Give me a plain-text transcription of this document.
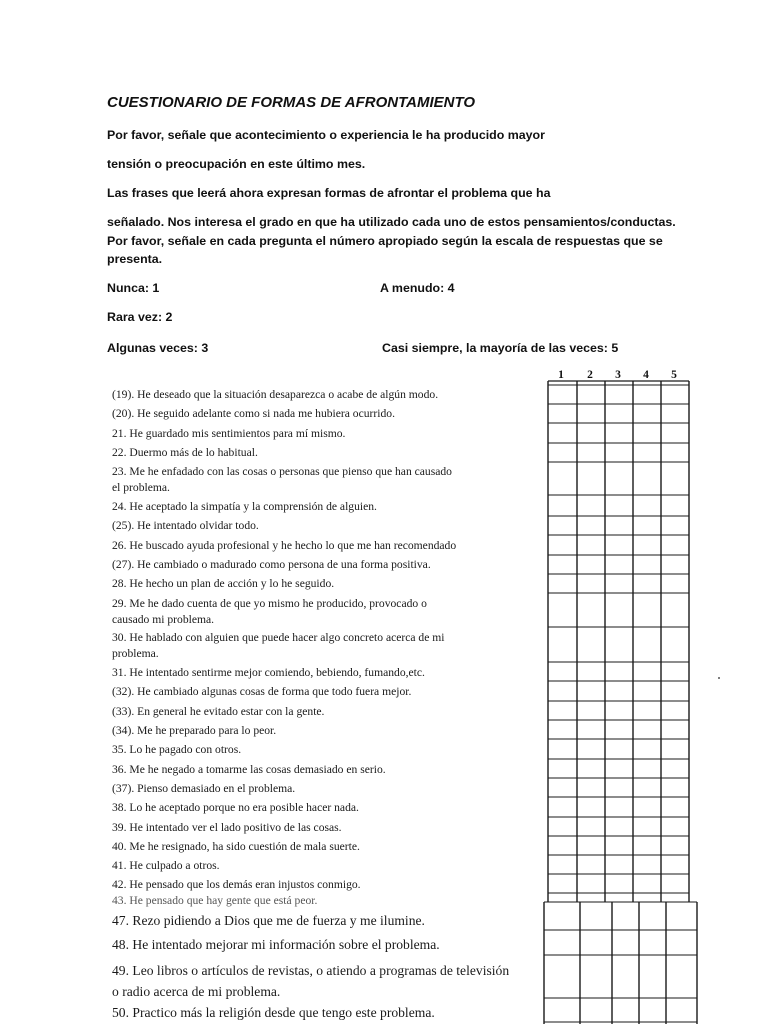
CUESTIONARIO DE FORMAS DE AFRONTAMIENTO
Por favor, señale que acontecimiento o experiencia le ha producido mayor
tensión o preocupación en este último mes.
Las frases que leerá ahora expresan formas de afrontar el problema que ha
señalado. Nos interesa el grado en que ha utilizado cada uno de estos pensamientos/conductas.
Por favor, señale en cada pregunta el número apropiado según la escala de respuestas que se
presenta.
Nunca: 1	A menudo: 4
Rara vez: 2
Algunas veces: 3	Casi siempre, la mayoría de las veces: 5
1	2	3	4	5
(19). He deseado que la situación desaparezca o acabe de algún modo.
(20). He seguido adelante como si nada me hubiera ocurrido.
21. He guardado mis sentimientos para mí mismo.
22. Duermo más de lo habitual.
23. Me he enfadado con las cosas o personas que pienso que han causado
el problema.
24. He aceptado la simpatía y la comprensión de alguien.
(25). He intentado olvidar todo.
26. He buscado ayuda profesional y he hecho lo que me han recomendado
(27). He cambiado o madurado como persona de una forma positiva.
28. He hecho un plan de acción y lo he seguido.
29. Me he dado cuenta de que yo mismo he producido, provocado o
causado mi problema.
30. He hablado con alguien que puede hacer algo concreto acerca de mi
problema.
31. He intentado sentirme mejor comiendo, bebiendo, fumando,etc.
(32). He cambiado algunas cosas de forma que todo fuera mejor.
(33). En general he evitado estar con la gente.
(34). Me he preparado para lo peor.
35. Lo he pagado con otros.
36. Me he negado a tomarme las cosas demasiado en serio.
(37). Pienso demasiado en el problema.
38. Lo he aceptado porque no era posible hacer nada.
39. He intentado ver el lado positivo de las cosas.
40. Me he resignado, ha sido cuestión de mala suerte.
41. He culpado a otros.
42. He pensado que los demás eran injustos conmigo.
43. He pensado que hay gente que está peor.
47. Rezo pidiendo a Dios que me de fuerza y me ilumine.
48. He intentado mejorar mi información sobre el problema.
49. Leo libros o artículos de revistas, o atiendo a programas de televisión
o radio acerca de mi problema.
50. Practico más la religión desde que tengo este problema.
